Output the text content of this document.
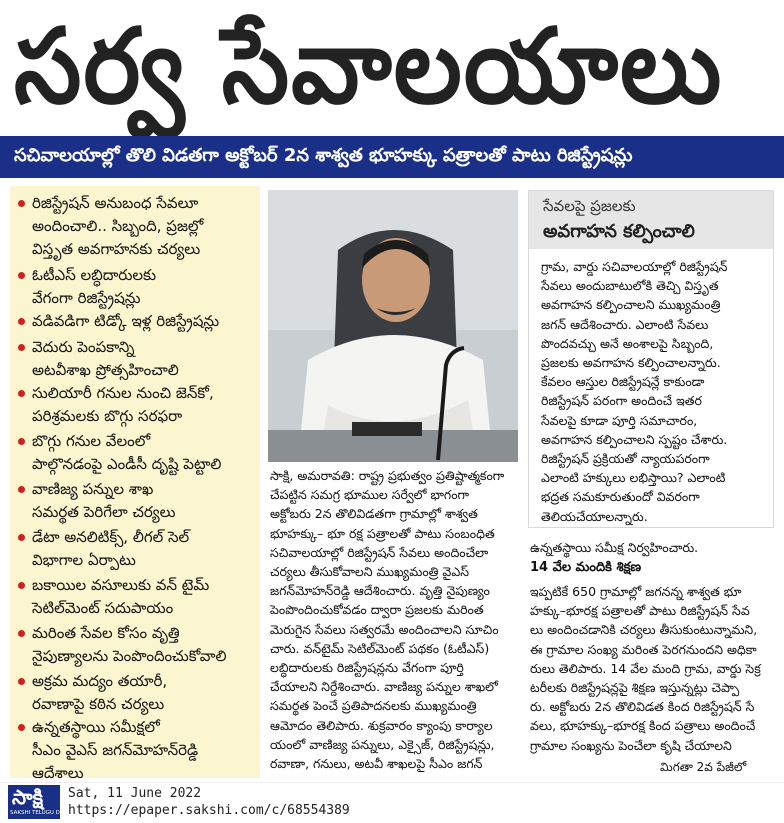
సర్వ సేవాలయాలు
సచివాలయాల్లో తొలి విడతగా అక్టోబర్ 2న శాశ్వత భూహక్కు పత్రాలతో పాటు రిజిస్ట్రేషన్లు
రిజిస్ట్రేషన్ అనుబంధ సేవలూ
అందించాలి.. సిబ్బంది, ప్రజల్లో
విస్తృత అవగాహనకు చర్యలు
ఓటీఎస్ లబ్ధిదారులకు
వేగంగా రిజిస్ట్రేషన్లు
వడివడిగా టిడ్కో ఇళ్ల రిజిస్ట్రేషన్లు
వెదురు పెంపకాన్ని
అటవీశాఖ ప్రోత్సహించాలి
సులియారీ గనుల నుంచి జెన్‌కో,
పరిశ్రమలకు బొగ్గు సరఫరా
బొగ్గు గనుల వేలంలో
పాల్గొనడంపై ఎండీసీ దృష్టి పెట్టాలి
వాణిజ్య పన్నుల శాఖ
సమర్థత పెరిగేలా చర్యలు
డేటా అనలిటిక్స్, లీగల్ సెల్
విభాగాల ఏర్పాటు
బకాయిల వసూలుకు వన్ టైమ్
సెటిల్‌మెంట్ సదుపాయం
మరింత సేవల కోసం వృత్తి
నైపుణ్యాలను పెంపొందించుకోవాలి
అక్రమ మద్యం తయారీ,
రవాణాపై కఠిన చర్యలు
ఉన్నతస్థాయి సమీక్షలో
సీఎం వైఎస్ జగన్‌మోహన్‌రెడ్డి
ఆదేశాలు
సాక్షి, అమరావతి: రాష్ట్ర ప్రభుత్వం ప్రతిష్టాత్మకంగా
చేపట్టిన సమగ్ర భూముల సర్వేలో భాగంగా
అక్టోబరు 2న తొలివిడతగా గ్రామాల్లో శాశ్వత
భూహక్కు– భూ రక్ష పత్రాలతో పాటు సంబంధిత
సచివాలయాల్లో రిజిస్ట్రేషన్ సేవలు అందించేలా
చర్యలు తీసుకోవాలని ముఖ్యమంత్రి వైఎస్
జగన్‌మోహన్‌రెడ్డి ఆదేశించారు. వృత్తి నైపుణ్యం
పెంపొందించుకోవడం ద్వారా ప్రజలకు మరింత
మెరుగైన సేవలు సత్వరమే అందించాలని సూచిం
చారు. వన్‌టైమ్ సెటిల్‌మెంట్ పథకం (ఓటీఎస్)
లబ్ధిదారులకు రిజిస్ట్రేషన్లను వేగంగా పూర్తి
చేయాలని నిర్దేశించారు. వాణిజ్య పన్నుల శాఖలో
సమర్థత పెంచే ప్రతిపాదనలకు ముఖ్యమంత్రి
ఆమోదం తెలిపారు. శుక్రవారం క్యాంపు కార్యాల
యంలో వాణిజ్య పన్నులు, ఎక్సైజ్, రిజిస్ట్రేషన్లు,
రవాణా, గనులు, అటవీ శాఖలపై సీఎం జగన్
సేవలపై ప్రజలకు
అవగాహన కల్పించాలి
గ్రామ, వార్డు సచివాలయాల్లో రిజిస్ట్రేషన్
సేవలు అందుబాటులోకి తెచ్చి విస్తృత
అవగాహన కల్పించాలని ముఖ్యమంత్రి
జగన్ ఆదేశించారు. ఎలాంటి సేవలు
పొందవచ్చు అనే అంశాలపై సిబ్బంది,
ప్రజలకు అవగాహన కల్పించాలన్నారు.
కేవలం ఆస్తుల రిజిస్ట్రేషన్లే కాకుండా
రిజిస్ట్రేషన్ పరంగా అందించే ఇతర
సేవలపై కూడా పూర్తి సమాచారం,
అవగాహన కల్పించాలని స్పష్టం చేశారు.
రిజిస్ట్రేషన్ ప్రక్రియతో న్యాయపరంగా
ఎలాంటి హక్కులు లభిస్తాయి? ఎలాంటి
భద్రత సమకూరుతుందో వివరంగా
తెలియచేయాలన్నారు.
ఉన్నతస్థాయి సమీక్ష నిర్వహించారు.
14 వేల మందికి శిక్షణ
ఇప్పటికే 650 గ్రామాల్లో జగనన్న శాశ్వత భూ
హక్కు–భూరక్ష పత్రాలతో పాటు రిజిస్ట్రేషన్ సేవ
లు అందించడానికి చర్యలు తీసుకుంటున్నామని,
ఈ గ్రామాల సంఖ్య మరింత పెరగనుందని అధికా
రులు తెలిపారు. 14 వేల మంది గ్రామ, వార్డు సెక్ర
టరీలకు రిజిస్ట్రేషన్లపై శిక్షణ ఇస్తున్నట్లు చెప్పా
రు. అక్టోబరు 2న తొలివిడత కింద రిజిస్ట్రేషన్ సే
వలు, భూహక్కు–భూరక్ష కింద పత్రాలు అందించే
గ్రామాల సంఖ్యను పెంచేలా కృషి చేయాలని
మిగతా 2వ పేజీలో
సాక్షి
SAKSHI TELUGU DAILY
Sat, 11 June 2022
https://epaper.sakshi.com/c/68554389
